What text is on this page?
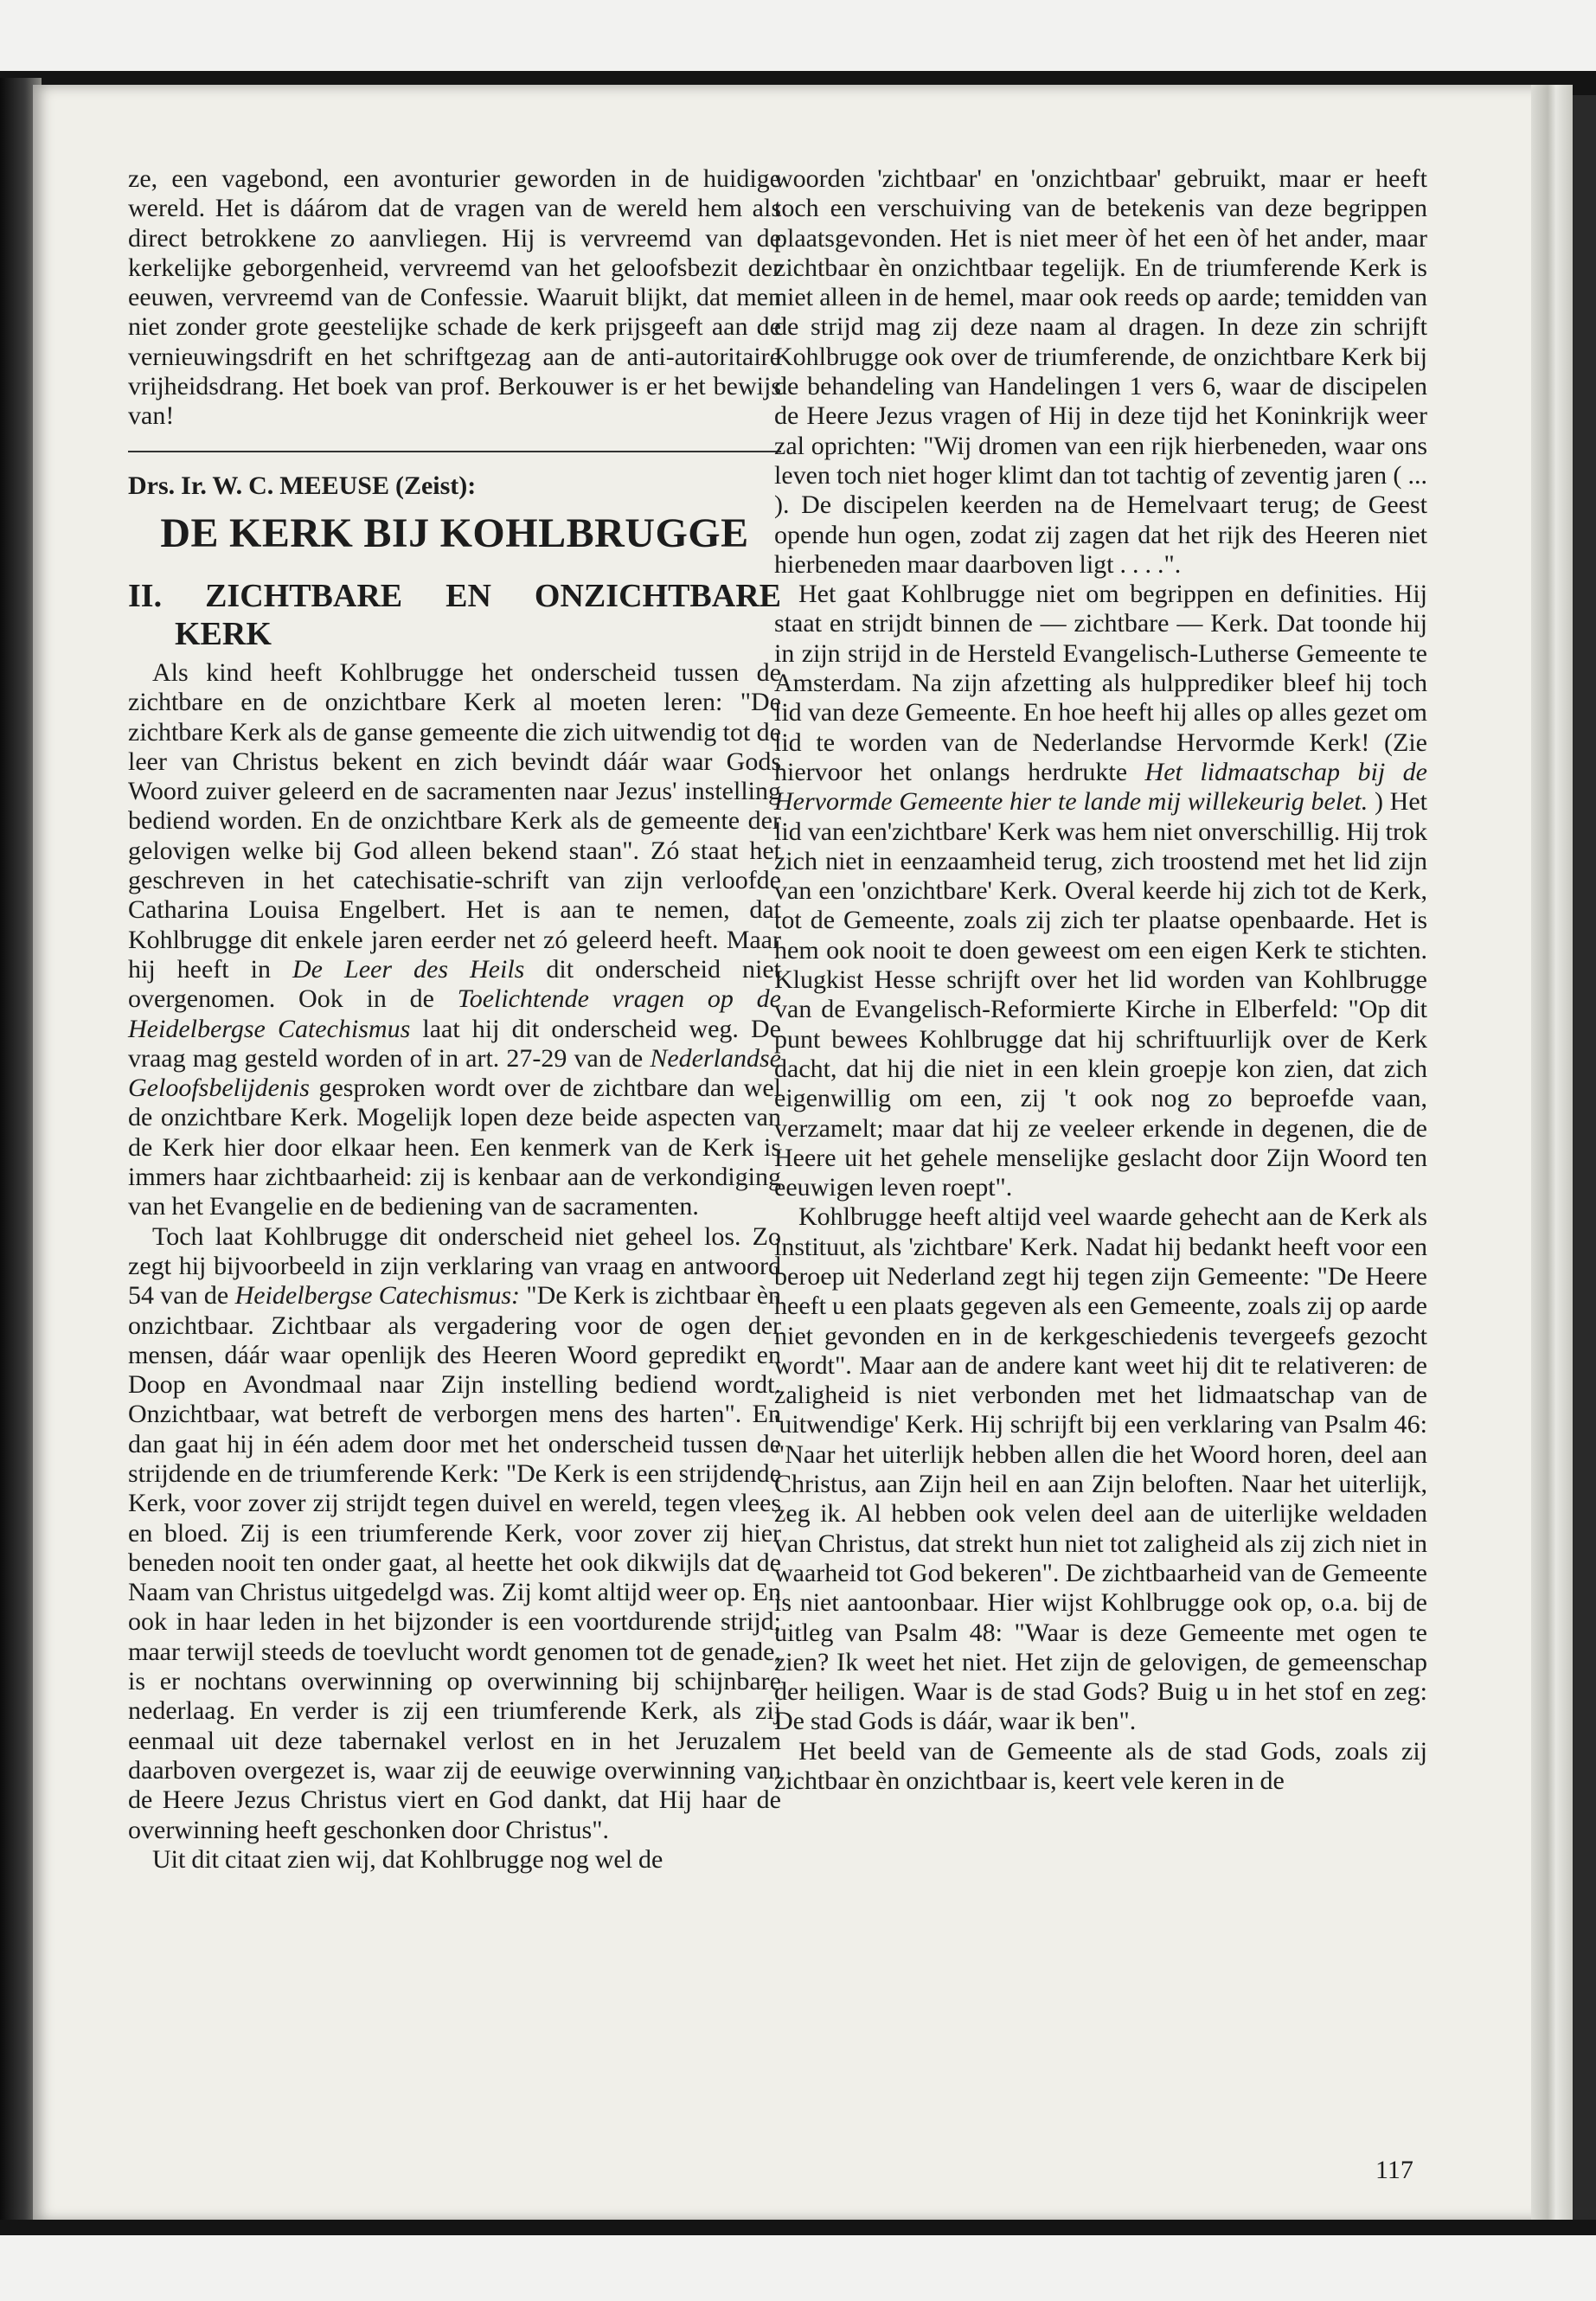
ze, een vagebond, een avonturier geworden in de huidige wereld. Het is dáárom dat de vragen van de wereld hem als direct betrokkene zo aanvliegen. Hij is vervreemd van de kerkelijke geborgenheid, vervreemd van het geloofsbezit der eeuwen, vervreemd van de Confessie. Waaruit blijkt, dat men niet zonder grote geestelijke schade de kerk prijsgeeft aan de vernieuwingsdrift en het schriftgezag aan de anti-autoritaire vrijheidsdrang. Het boek van prof. Berkouwer is er het bewijs van!

Drs. Ir. W. C. MEEUSE (Zeist):
DE KERK BIJ KOHLBRUGGE
II. ZICHTBARE EN ONZICHTBARE
KERK

Als kind heeft Kohlbrugge het onderscheid tussen de zichtbare en de onzichtbare Kerk al moeten leren: "De zichtbare Kerk als de ganse gemeente die zich uitwendig tot de leer van Christus bekent en zich bevindt dáár waar Gods Woord zuiver geleerd en de sacramenten naar Jezus' instelling bediend worden. En de onzichtbare Kerk als de gemeente der gelovigen welke bij God alleen bekend staan". Zó staat het geschreven in het catechisatie-schrift van zijn verloofde Catharina Louisa Engelbert. Het is aan te nemen, dat Kohlbrugge dit enkele jaren eerder net zó geleerd heeft. Maar hij heeft in De Leer des Heils dit onderscheid niet overgenomen. Ook in de Toelichtende vragen op de Heidelbergse Catechismus laat hij dit onderscheid weg. De vraag mag gesteld worden of in art. 27-29 van de Nederlandse Geloofsbelijdenis gesproken wordt over de zichtbare dan wel de onzichtbare Kerk. Mogelijk lopen deze beide aspecten van de Kerk hier door elkaar heen. Een kenmerk van de Kerk is immers haar zichtbaarheid: zij is kenbaar aan de verkondiging van het Evangelie en de bediening van de sacramenten.

Toch laat Kohlbrugge dit onderscheid niet geheel los. Zo zegt hij bijvoorbeeld in zijn verklaring van vraag en antwoord 54 van de Heidelbergse Catechismus: "De Kerk is zichtbaar èn onzichtbaar. Zichtbaar als vergadering voor de ogen der mensen, dáár waar openlijk des Heeren Woord gepredikt en Doop en Avondmaal naar Zijn instelling bediend wordt. Onzichtbaar, wat betreft de verborgen mens des harten". En dan gaat hij in één adem door met het onderscheid tussen de strijdende en de triumferende Kerk: "De Kerk is een strijdende Kerk, voor zover zij strijdt tegen duivel en wereld, tegen vlees en bloed. Zij is een triumferende Kerk, voor zover zij hier beneden nooit ten onder gaat, al heette het ook dikwijls dat de Naam van Christus uitgedelgd was. Zij komt altijd weer op. En ook in haar leden in het bijzonder is een voortdurende strijd; maar terwijl steeds de toevlucht wordt genomen tot de genade, is er nochtans overwinning op overwinning bij schijnbare nederlaag. En verder is zij een triumferende Kerk, als zij eenmaal uit deze tabernakel verlost en in het Jeruzalem daarboven overgezet is, waar zij de eeuwige overwinning van de Heere Jezus Christus viert en God dankt, dat Hij haar de overwinning heeft geschonken door Christus".

Uit dit citaat zien wij, dat Kohlbrugge nog wel de

woorden 'zichtbaar' en 'onzichtbaar' gebruikt, maar er heeft toch een verschuiving van de betekenis van deze begrippen plaatsgevonden. Het is niet meer òf het een òf het ander, maar zichtbaar èn onzichtbaar tegelijk. En de triumferende Kerk is niet alleen in de hemel, maar ook reeds op aarde; temidden van de strijd mag zij deze naam al dragen. In deze zin schrijft Kohlbrugge ook over de triumferende, de onzichtbare Kerk bij de behandeling van Handelingen 1 vers 6, waar de discipelen de Heere Jezus vragen of Hij in deze tijd het Koninkrijk weer zal oprichten: "Wij dromen van een rijk hierbeneden, waar ons leven toch niet hoger klimt dan tot tachtig of zeventig jaren ( ... ). De discipelen keerden na de Hemelvaart terug; de Geest opende hun ogen, zodat zij zagen dat het rijk des Heeren niet hierbeneden maar daarboven ligt . . . .".

Het gaat Kohlbrugge niet om begrippen en definities. Hij staat en strijdt binnen de — zichtbare — Kerk. Dat toonde hij in zijn strijd in de Hersteld Evangelisch-Lutherse Gemeente te Amsterdam. Na zijn afzetting als hulpprediker bleef hij toch lid van deze Gemeente. En hoe heeft hij alles op alles gezet om lid te worden van de Nederlandse Hervormde Kerk! (Zie hiervoor het onlangs herdrukte Het lidmaatschap bij de Hervormde Gemeente hier te lande mij willekeurig belet. ) Het lid van een'zichtbare' Kerk was hem niet onverschillig. Hij trok zich niet in eenzaamheid terug, zich troostend met het lid zijn van een 'onzichtbare' Kerk. Overal keerde hij zich tot de Kerk, tot de Gemeente, zoals zij zich ter plaatse openbaarde. Het is hem ook nooit te doen geweest om een eigen Kerk te stichten. Klugkist Hesse schrijft over het lid worden van Kohlbrugge van de Evangelisch-Reformierte Kirche in Elberfeld: "Op dit punt bewees Kohlbrugge dat hij schriftuurlijk over de Kerk dacht, dat hij die niet in een klein groepje kon zien, dat zich eigenwillig om een, zij 't ook nog zo beproefde vaan, verzamelt; maar dat hij ze veeleer erkende in degenen, die de Heere uit het gehele menselijke geslacht door Zijn Woord ten eeuwigen leven roept".

Kohlbrugge heeft altijd veel waarde gehecht aan de Kerk als instituut, als 'zichtbare' Kerk. Nadat hij bedankt heeft voor een beroep uit Nederland zegt hij tegen zijn Gemeente: "De Heere heeft u een plaats gegeven als een Gemeente, zoals zij op aarde niet gevonden en in de kerkgeschiedenis tevergeefs gezocht wordt". Maar aan de andere kant weet hij dit te relativeren: de zaligheid is niet verbonden met het lidmaatschap van de 'uitwendige' Kerk. Hij schrijft bij een verklaring van Psalm 46: "Naar het uiterlijk hebben allen die het Woord horen, deel aan Christus, aan Zijn heil en aan Zijn beloften. Naar het uiterlijk, zeg ik. Al hebben ook velen deel aan de uiterlijke weldaden van Christus, dat strekt hun niet tot zaligheid als zij zich niet in waarheid tot God bekeren". De zichtbaarheid van de Gemeente is niet aantoonbaar. Hier wijst Kohlbrugge ook op, o.a. bij de uitleg van Psalm 48: "Waar is deze Gemeente met ogen te zien? Ik weet het niet. Het zijn de gelovigen, de gemeenschap der heiligen. Waar is de stad Gods? Buig u in het stof en zeg: De stad Gods is dáár, waar ik ben".

Het beeld van de Gemeente als de stad Gods, zoals zij zichtbaar èn onzichtbaar is, keert vele keren in de

117
